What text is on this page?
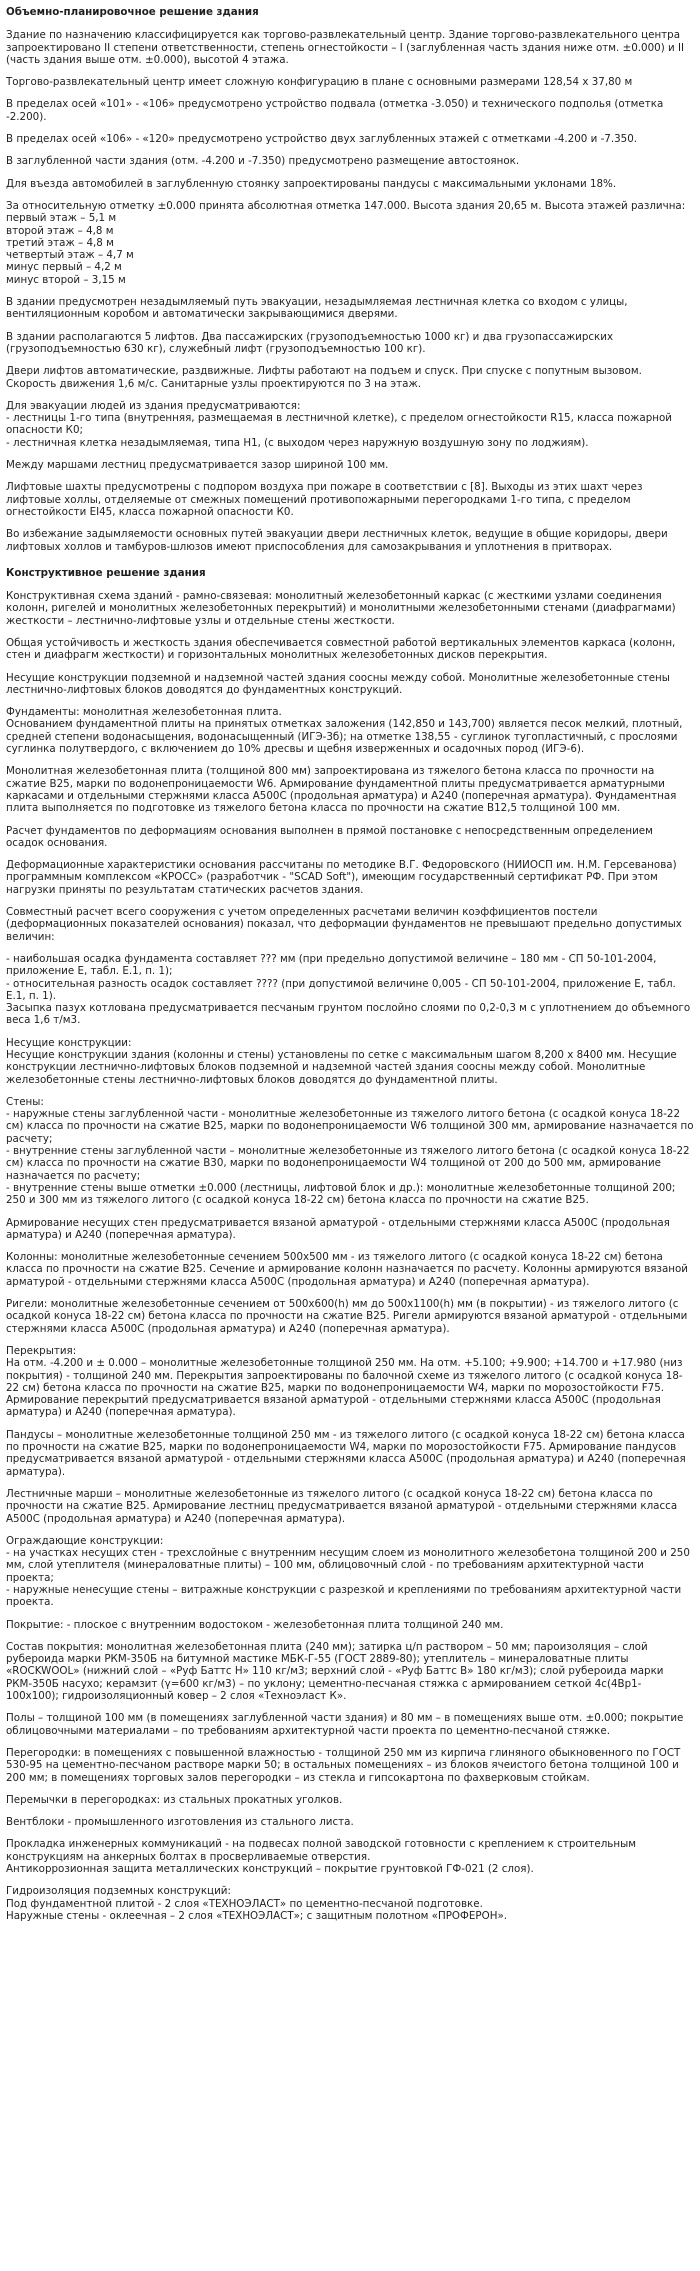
Объемно-планировочное решение здания

Здание по назначению классифицируется как торгово-развлекательный центр. Здание торгово-развлекательного центра запроектировано II степени ответственности, степень огнестойкости – I (заглубленная часть здания ниже отм. ±0.000) и II (часть здания выше отм. ±0.000), высотой 4 этажа.

Торгово-развлекательный центр имеет сложную конфигурацию в плане с основными размерами 128,54 х 37,80 м

В пределах осей «101» - «106» предусмотрено устройство подвала (отметка -3.050) и технического подполья (отметка -2.200).

В пределах осей «106» - «120» предусмотрено устройство двух заглубленных этажей с отметками -4.200 и -7.350.

В заглубленной части здания (отм. -4.200 и -7.350) предусмотрено размещение автостоянок.

Для въезда автомобилей в заглубленную стоянку запроектированы пандусы с максимальными уклонами 18%.

За относительную отметку ±0.000 принята абсолютная отметка 147.000. Высота здания 20,65 м. Высота этажей различна:
первый этаж – 5,1 м
второй этаж – 4,8 м
третий этаж – 4,8 м
четвертый этаж – 4,7 м
минус первый – 4,2 м
минус второй – 3,15 м

В здании предусмотрен незадымляемый путь эвакуации, незадымляемая лестничная клетка со входом с улицы, вентиляционным коробом и автоматически закрывающимися дверями.

В здании располагаются 5 лифтов. Два пассажирских (грузоподъемностью 1000 кг) и два грузопассажирских (грузоподъемностью 630 кг), служебный лифт (грузоподъемностью 100 кг).

Двери лифтов автоматические, раздвижные. Лифты работают на подъем и спуск. При спуске с попутным вызовом. Скорость движения 1,6 м/с. Санитарные узлы проектируются по 3 на этаж.

Для эвакуации людей из здания предусматриваются:
- лестницы 1-го типа (внутренняя, размещаемая в лестничной клетке), с пределом огнестойкости R15, класса пожарной опасности К0;
- лестничная клетка незадымляемая, типа Н1, (с выходом через наружную воздушную зону по лоджиям).

Между маршами лестниц предусматривается зазор шириной 100 мм.

Лифтовые шахты предусмотрены с подпором воздуха при пожаре в соответствии с [8]. Выходы из этих шахт через лифтовые холлы, отделяемые от смежных помещений противопожарными перегородками 1-го типа, с пределом огнестойкости EI45, класса пожарной опасности К0.

Во избежание задымляемости основных путей эвакуации двери лестничных клеток, ведущие в общие коридоры, двери лифтовых холлов и тамбуров-шлюзов имеют приспособления для самозакрывания и уплотнения в притворах.

Конструктивное решение здания

Конструктивная схема зданий - рамно-связевая: монолитный железобетонный каркас (с жесткими узлами соединения колонн, ригелей и монолитных железобетонных перекрытий) и монолитными железобетонными стенами (диафрагмами) жесткости – лестнично-лифтовые узлы и отдельные стены жесткости.

Общая устойчивость и жесткость здания обеспечивается совместной работой вертикальных элементов каркаса (колонн, стен и диафрагм жесткости) и горизонтальных монолитных железобетонных дисков перекрытия.

Несущие конструкции подземной и надземной частей здания соосны между собой. Монолитные железобетонные стены лестнично-лифтовых блоков доводятся до фундаментных конструкций.

Фундаменты: монолитная железобетонная плита.
Основанием фундаментной плиты на принятых отметках заложения (142,850 и 143,700) является песок мелкий, плотный, средней степени водонасыщения, водонасыщенный (ИГЭ-3б); на отметке 138,55 - суглинок тугопластичный, с прослоями суглинка полутвердого, с включением до 10% дресвы и щебня изверженных и осадочных пород (ИГЭ-6).

Монолитная железобетонная плита (толщиной 800 мм) запроектирована из тяжелого бетона класса по прочности на сжатие В25, марки по водонепроницаемости W6. Армирование фундаментной плиты предусматривается арматурными каркасами и отдельными стержнями класса А500С (продольная арматура) и А240 (поперечная арматура). Фундаментная плита выполняется по подготовке из тяжелого бетона класса по прочности на сжатие В12,5 толщиной 100 мм.

Расчет фундаментов по деформациям основания выполнен в прямой постановке с непосредственным определением осадок основания.

Деформационные характеристики основания рассчитаны по методике В.Г. Федоровского (НИИОСП им. Н.М. Герсеванова) программным комплексом «КРОСС» (разработчик - "SCAD Soft"), имеющим государственный сертификат РФ. При этом нагрузки приняты по результатам статических расчетов здания.

Совместный расчет всего сооружения с учетом определенных расчетами величин коэффициентов постели (деформационных показателей основания) показал, что деформации фундаментов не превышают предельно допустимых величин:

- наибольшая осадка фундамента составляет ??? мм (при предельно допустимой величине – 180 мм - СП 50-101-2004, приложение Е, табл. Е.1, п. 1);
- относительная разность осадок составляет ???? (при допустимой величине 0,005 - СП 50-101-2004, приложение Е, табл. Е.1, п. 1).
Засыпка пазух котлована предусматривается песчаным грунтом послойно слоями по 0,2-0,3 м с уплотнением до объемного веса 1,6 т/м3.

Несущие конструкции:
Несущие конструкции здания (колонны и стены) установлены по сетке с максимальным шагом 8,200 х 8400 мм. Несущие конструкции лестнично-лифтовых блоков подземной и надземной частей здания соосны между собой. Монолитные железобетонные стены лестнично-лифтовых блоков доводятся до фундаментной плиты.

Стены:
- наружные стены заглубленной части - монолитные железобетонные из тяжелого литого бетона (с осадкой конуса 18-22 см) класса по прочности на сжатие В25, марки по водонепроницаемости W6 толщиной 300 мм, армирование назначается по расчету;
- внутренние стены заглубленной части – монолитные железобетонные из тяжелого литого бетона (с осадкой конуса 18-22 см) класса по прочности на сжатие В30, марки по водонепроницаемости W4 толщиной от 200 до 500 мм, армирование назначается по расчету;
- внутренние стены выше отметки ±0.000 (лестницы, лифтовой блок и др.): монолитные железобетонные толщиной 200; 250 и 300 мм из тяжелого литого (с осадкой конуса 18-22 см) бетона класса по прочности на сжатие В25.

Армирование несущих стен предусматривается вязаной арматурой - отдельными стержнями класса А500С (продольная арматура) и А240 (поперечная арматура).

Колонны: монолитные железобетонные сечением 500х500 мм - из тяжелого литого (с осадкой конуса 18-22 см) бетона класса по прочности на сжатие В25. Сечение и армирование колонн назначается по расчету. Колонны армируются вязаной арматурой - отдельными стержнями класса А500С (продольная арматура) и А240 (поперечная арматура).

Ригели: монолитные железобетонные сечением от 500х600(h) мм до 500х1100(h) мм (в покрытии) - из тяжелого литого (с осадкой конуса 18-22 см) бетона класса по прочности на сжатие В25. Ригели армируются вязаной арматурой - отдельными стержнями класса А500С (продольная арматура) и А240 (поперечная арматура).

Перекрытия:
На отм. -4.200 и ± 0.000 – монолитные железобетонные толщиной 250 мм. На отм. +5.100; +9.900; +14.700 и +17.980 (низ покрытия) - толщиной 240 мм. Перекрытия запроектированы по балочной схеме из тяжелого литого (с осадкой конуса 18-22 см) бетона класса по прочности на сжатие В25, марки по водонепроницаемости W4, марки по морозостойкости F75. Армирование перекрытий предусматривается вязаной арматурой - отдельными стержнями класса А500С (продольная арматура) и А240 (поперечная арматура).

Пандусы – монолитные железобетонные толщиной 250 мм - из тяжелого литого (с осадкой конуса 18-22 см) бетона класса по прочности на сжатие В25, марки по водонепроницаемости W4, марки по морозостойкости F75. Армирование пандусов предусматривается вязаной арматурой - отдельными стержнями класса А500С (продольная арматура) и А240 (поперечная арматура).

Лестничные марши – монолитные железобетонные из тяжелого литого (с осадкой конуса 18-22 см) бетона класса по прочности на сжатие В25. Армирование лестниц предусматривается вязаной арматурой - отдельными стержнями класса А500С (продольная арматура) и А240 (поперечная арматура).

Ограждающие конструкции:
- на участках несущих стен - трехслойные с внутренним несущим слоем из монолитного железобетона толщиной 200 и 250 мм, слой утеплителя (минераловатные плиты) – 100 мм, облицовочный слой - по требованиям архитектурной части проекта;
- наружные ненесущие стены – витражные конструкции с разрезкой и креплениями по требованиям архитектурной части проекта.

Покрытие: - плоское с внутренним водостоком - железобетонная плита толщиной 240 мм.

Состав покрытия: монолитная железобетонная плита (240 мм); затирка ц/п раствором – 50 мм; пароизоляция – слой рубероида марки РКМ-350Б на битумной мастике МБК-Г-55 (ГОСТ 2889-80); утеплитель – минераловатные плиты «ROCKWOOL» (нижний слой – «Руф Баттс Н» 110 кг/м3; верхний слой - «Руф Баттс В» 180 кг/м3); слой рубероида марки РКМ-350Б насухо; керамзит (γ=600 кг/м3) – по уклону; цементно-песчаная стяжка с армированием сеткой 4с(4Вр1-100х100); гидроизоляционный ковер – 2 слоя «Техноэласт К».

Полы – толщиной 100 мм (в помещениях заглубленной части здания) и 80 мм – в помещениях выше отм. ±0.000; покрытие облицовочными материалами – по требованиям архитектурной части проекта по цементно-песчаной стяжке.

Перегородки: в помещениях с повышенной влажностью - толщиной 250 мм из кирпича глиняного обыкновенного по ГОСТ 530-95 на цементно-песчаном растворе марки 50; в остальных помещениях – из блоков ячеистого бетона толщиной 100 и 200 мм; в помещениях торговых залов перегородки – из стекла и гипсокартона по фахверковым стойкам.

Перемычки в перегородках: из стальных прокатных уголков.

Вентблоки - промышленного изготовления из стального листа.

Прокладка инженерных коммуникаций - на подвесах полной заводской готовности с креплением к строительным конструкциям на анкерных болтах в просверливаемые отверстия.
Антикоррозионная защита металлических конструкций – покрытие грунтовкой ГФ-021 (2 слоя).

Гидроизоляция подземных конструкций:
Под фундаментной плитой - 2 слоя «ТЕХНОЭЛАСТ» по цементно-песчаной подготовке.
Наружные стены - оклеечная – 2 слоя «ТЕХНОЭЛАСТ»; с защитным полотном «ПРОФЕРОН».
